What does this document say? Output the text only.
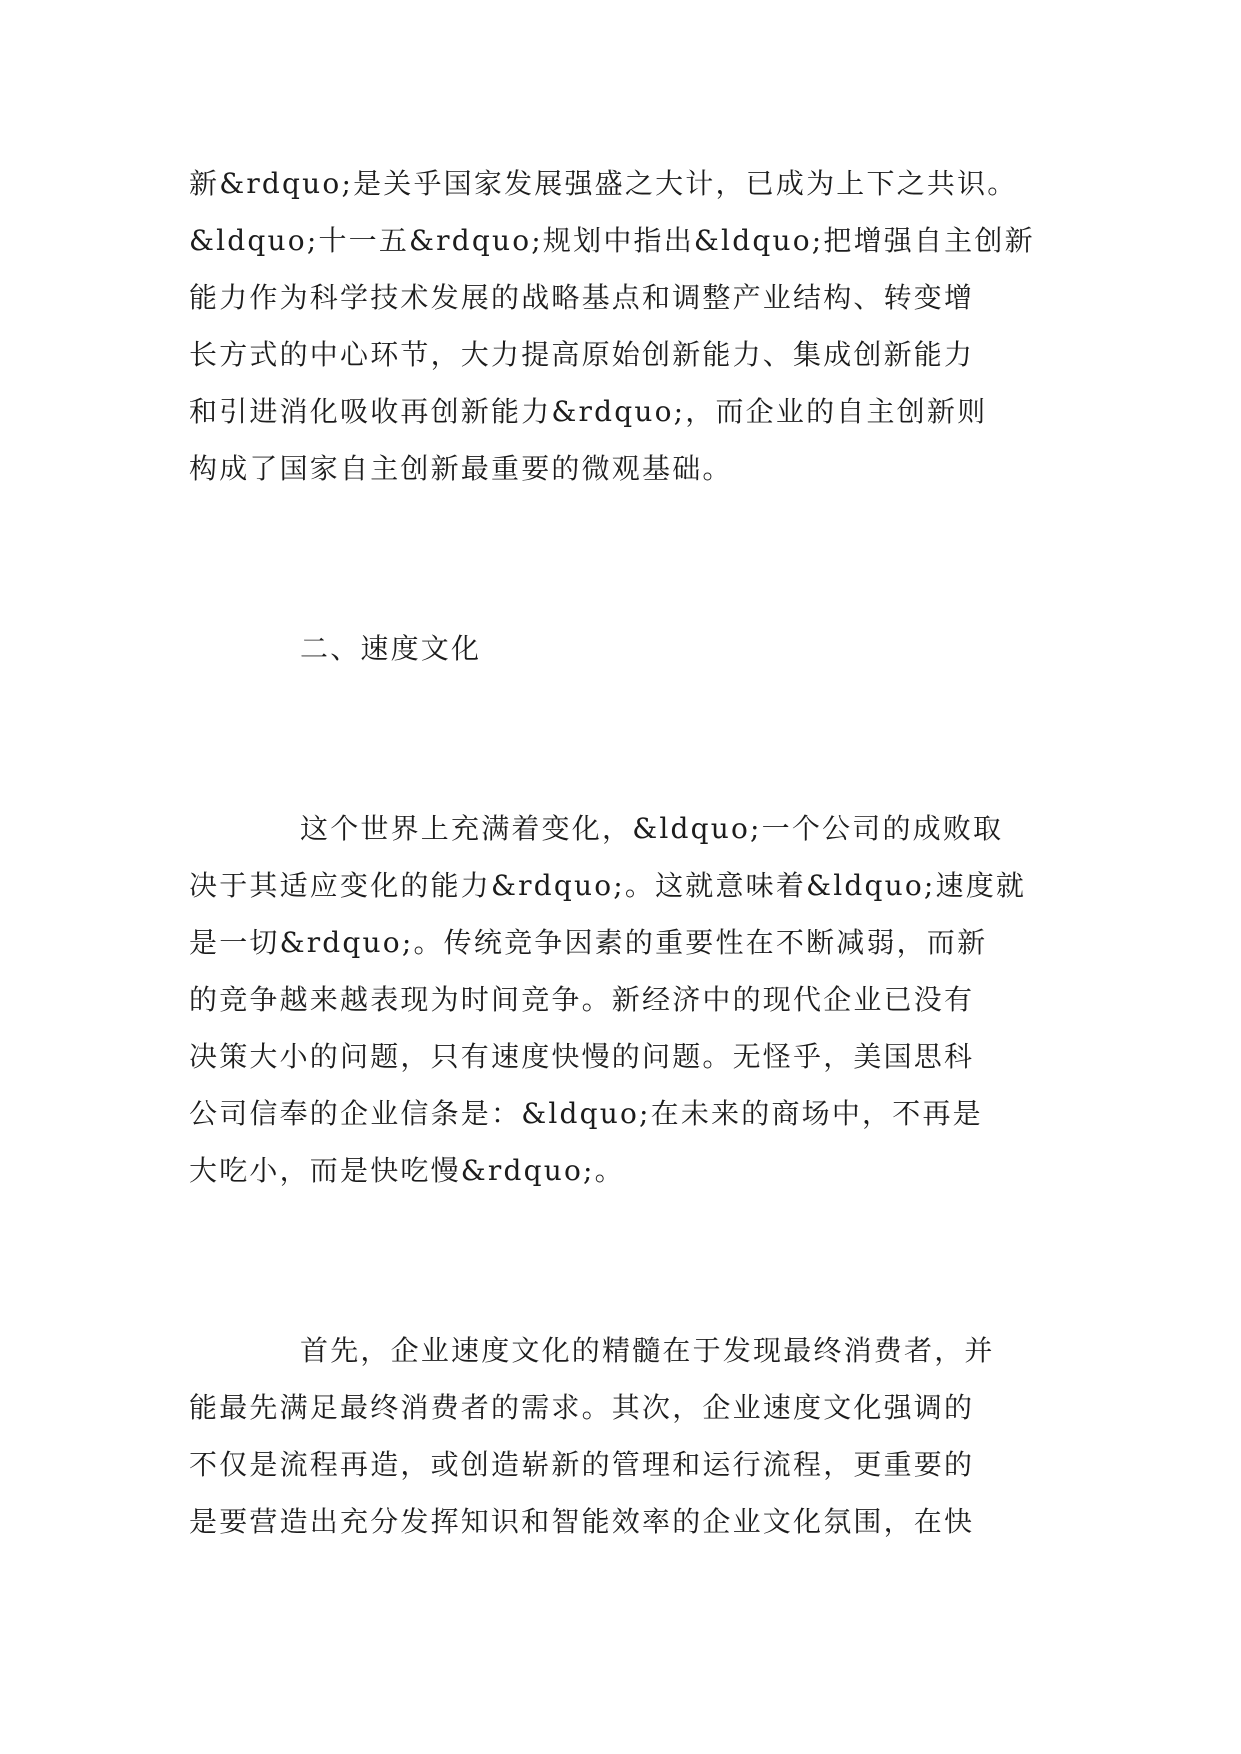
新&rdquo;是关乎国家发展强盛之大计，已成为上下之共识。
&ldquo;十一五&rdquo;规划中指出&ldquo;把增强自主创新
能力作为科学技术发展的战略基点和调整产业结构、转变增
长方式的中心环节，大力提高原始创新能力、集成创新能力
和引进消化吸收再创新能力&rdquo;，而企业的自主创新则
构成了国家自主创新最重要的微观基础。
二、速度文化
这个世界上充满着变化，&ldquo;一个公司的成败取
决于其适应变化的能力&rdquo;。这就意味着&ldquo;速度就
是一切&rdquo;。传统竞争因素的重要性在不断减弱，而新
的竞争越来越表现为时间竞争。新经济中的现代企业已没有
决策大小的问题，只有速度快慢的问题。无怪乎，美国思科
公司信奉的企业信条是：&ldquo;在未来的商场中，不再是
大吃小，而是快吃慢&rdquo;。
首先，企业速度文化的精髓在于发现最终消费者，并
能最先满足最终消费者的需求。其次，企业速度文化强调的
不仅是流程再造，或创造崭新的管理和运行流程，更重要的
是要营造出充分发挥知识和智能效率的企业文化氛围，在快
